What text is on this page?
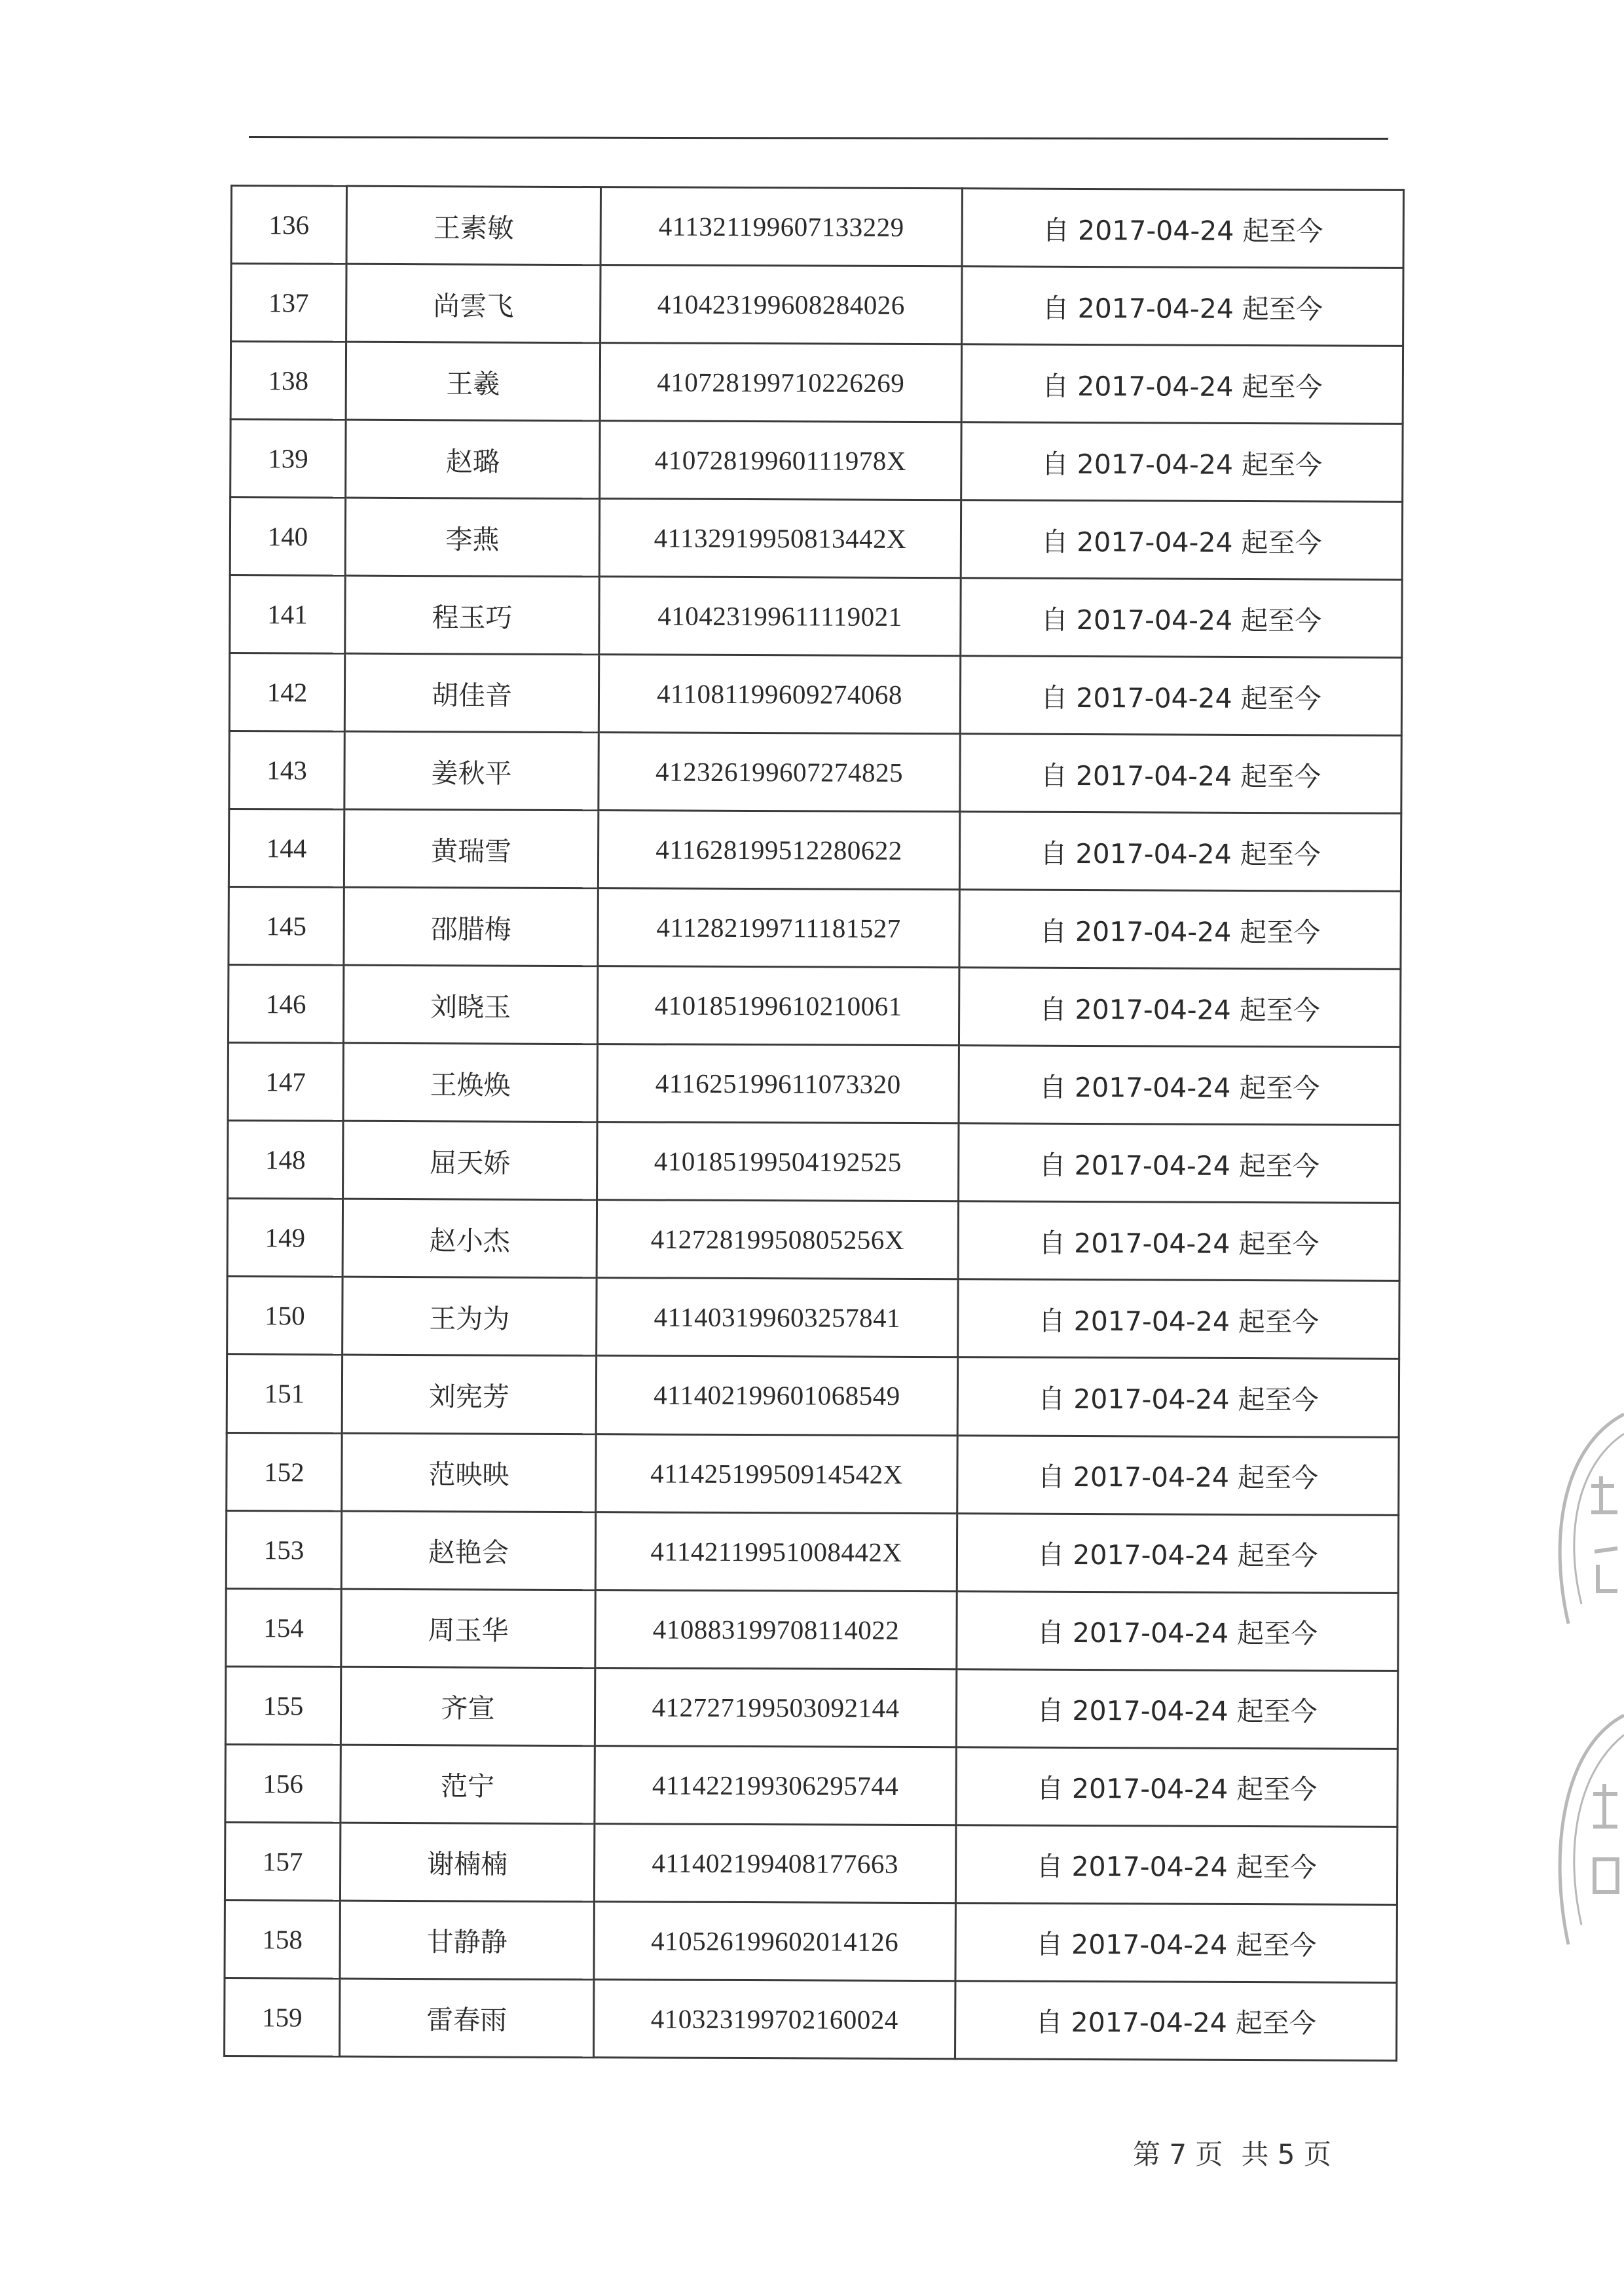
136	王素敏	411321199607133229	自 2017-04-24 起至今
137	尚雲飞	410423199608284026	自 2017-04-24 起至今
138	王羲	410728199710226269	自 2017-04-24 起至今
139	赵璐	41072819960111978X	自 2017-04-24 起至今
140	李燕	41132919950813442X	自 2017-04-24 起至今
141	程玉巧	410423199611119021	自 2017-04-24 起至今
142	胡佳音	411081199609274068	自 2017-04-24 起至今
143	姜秋平	412326199607274825	自 2017-04-24 起至今
144	黄瑞雪	411628199512280622	自 2017-04-24 起至今
145	邵腊梅	411282199711181527	自 2017-04-24 起至今
146	刘晓玉	410185199610210061	自 2017-04-24 起至今
147	王焕焕	411625199611073320	自 2017-04-24 起至今
148	屈天娇	410185199504192525	自 2017-04-24 起至今
149	赵小杰	41272819950805256X	自 2017-04-24 起至今
150	王为为	411403199603257841	自 2017-04-24 起至今
151	刘宪芳	411402199601068549	自 2017-04-24 起至今
152	范映映	41142519950914542X	自 2017-04-24 起至今
153	赵艳会	41142119951008442X	自 2017-04-24 起至今
154	周玉华	410883199708114022	自 2017-04-24 起至今
155	齐宣	412727199503092144	自 2017-04-24 起至今
156	范宁	411422199306295744	自 2017-04-24 起至今
157	谢楠楠	411402199408177663	自 2017-04-24 起至今
158	甘静静	410526199602014126	自 2017-04-24 起至今
159	雷春雨	410323199702160024	自 2017-04-24 起至今
第 7 页 共 5 页
